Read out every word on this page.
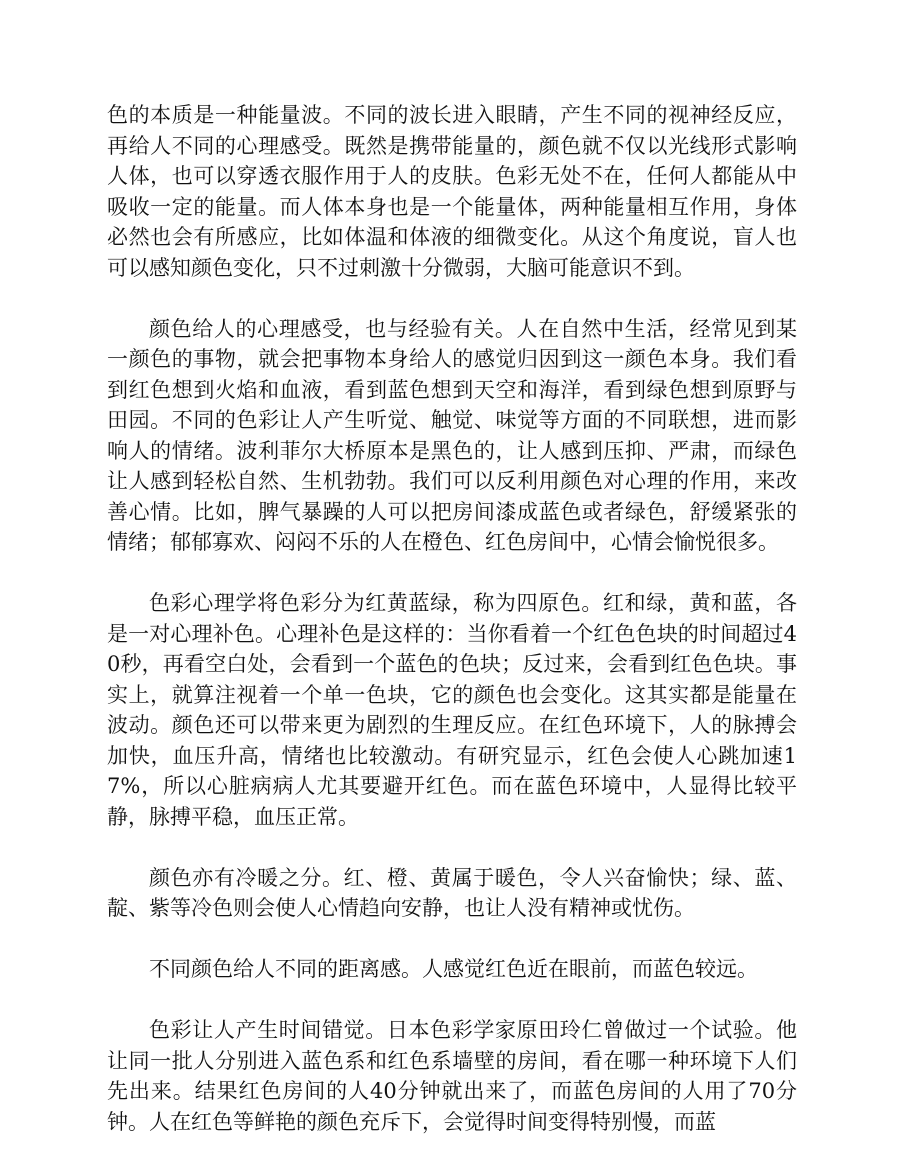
色的本质是一种能量波。不同的波长进入眼睛，产生不同的视神经反应，再给人不同的心理感受。既然是携带能量的，颜色就不仅以光线形式影响人体，也可以穿透衣服作用于人的皮肤。色彩无处不在，任何人都能从中吸收一定的能量。而人体本身也是一个能量体，两种能量相互作用，身体必然也会有所感应，比如体温和体液的细微变化。从这个角度说，盲人也可以感知颜色变化，只不过刺激十分微弱，大脑可能意识不到。

颜色给人的心理感受，也与经验有关。人在自然中生活，经常见到某一颜色的事物，就会把事物本身给人的感觉归因到这一颜色本身。我们看到红色想到火焰和血液，看到蓝色想到天空和海洋，看到绿色想到原野与田园。不同的色彩让人产生听觉、触觉、味觉等方面的不同联想，进而影响人的情绪。波利菲尔大桥原本是黑色的，让人感到压抑、严肃，而绿色让人感到轻松自然、生机勃勃。我们可以反利用颜色对心理的作用，来改善心情。比如，脾气暴躁的人可以把房间漆成蓝色或者绿色，舒缓紧张的情绪；郁郁寡欢、闷闷不乐的人在橙色、红色房间中，心情会愉悦很多。

色彩心理学将色彩分为红黄蓝绿，称为四原色。红和绿，黄和蓝，各是一对心理补色。心理补色是这样的：当你看着一个红色色块的时间超过40秒，再看空白处，会看到一个蓝色的色块；反过来，会看到红色色块。事实上，就算注视着一个单一色块，它的颜色也会变化。这其实都是能量在波动。颜色还可以带来更为剧烈的生理反应。在红色环境下，人的脉搏会加快，血压升高，情绪也比较激动。有研究显示，红色会使人心跳加速17%，所以心脏病病人尤其要避开红色。而在蓝色环境中，人显得比较平静，脉搏平稳，血压正常。

颜色亦有冷暖之分。红、橙、黄属于暖色，令人兴奋愉快；绿、蓝、靛、紫等冷色则会使人心情趋向安静，也让人没有精神或忧伤。

不同颜色给人不同的距离感。人感觉红色近在眼前，而蓝色较远。

色彩让人产生时间错觉。日本色彩学家原田玲仁曾做过一个试验。他让同一批人分别进入蓝色系和红色系墙壁的房间，看在哪一种环境下人们先出来。结果红色房间的人40分钟就出来了，而蓝色房间的人用了70分钟。人在红色等鲜艳的颜色充斥下，会觉得时间变得特别慢，而蓝
